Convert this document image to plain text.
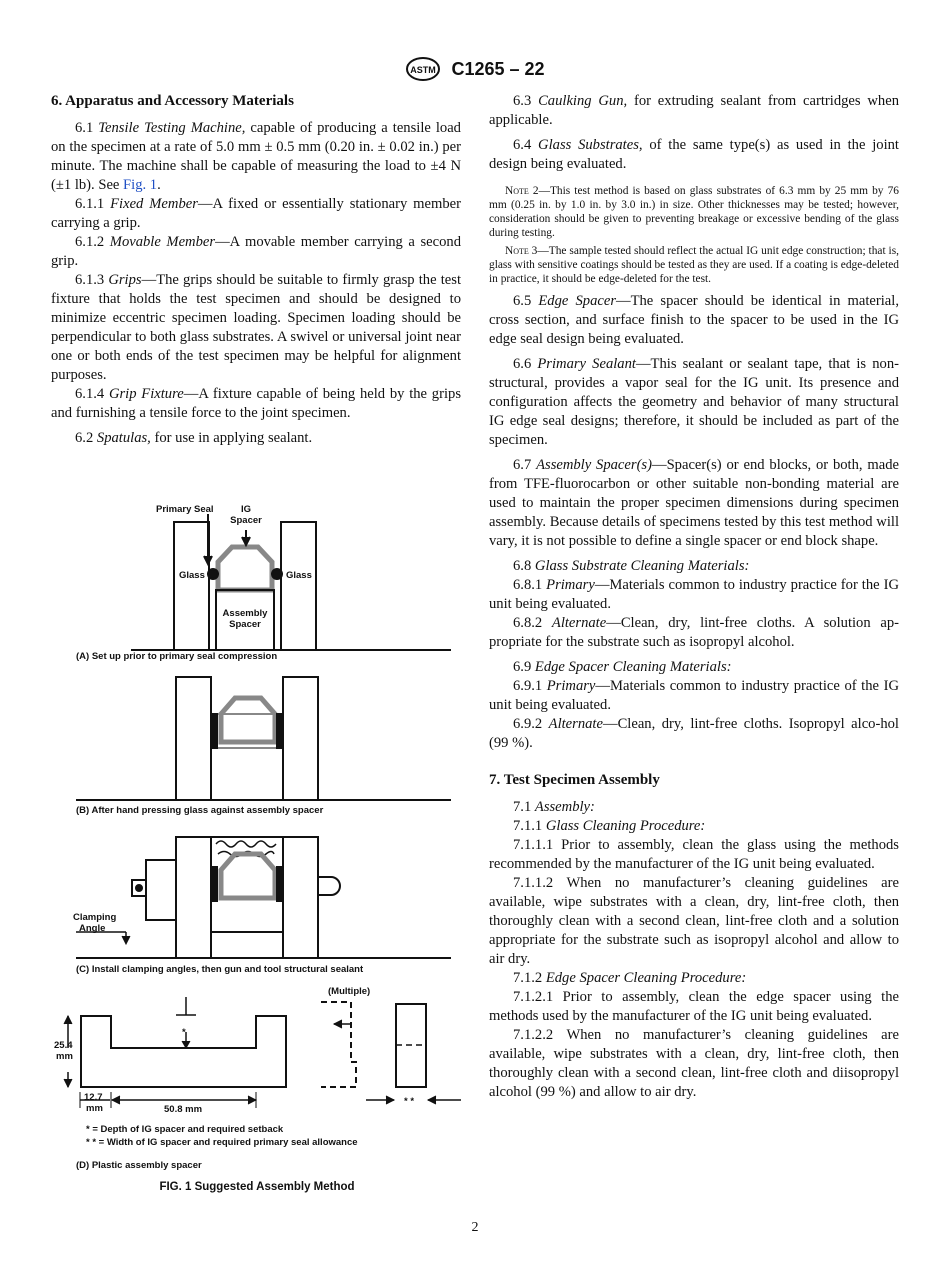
ASTM C1265 – 22
6. Apparatus and Accessory Materials

6.1 Tensile Testing Machine, capable of producing a tensile load on the specimen at a rate of 5.0 mm ± 0.5 mm (0.20 in. ± 0.02 in.) per minute. The machine shall be capable of measuring the load to ±4 N (±1 lb). See Fig. 1.

6.1.1 Fixed Member—A fixed or essentially stationary member carrying a grip.

6.1.2 Movable Member—A movable member carrying a second grip.

6.1.3 Grips—The grips should be suitable to firmly grasp the test fixture that holds the test specimen and should be designed to minimize eccentric specimen loading. Specimen loading should be perpendicular to both glass substrates. A swivel or universal joint near one or both ends of the test specimen may be helpful for alignment purposes.

6.1.4 Grip Fixture—A fixture capable of being held by the grips and furnishing a tensile force to the joint specimen.

6.2 Spatulas, for use in applying sealant.

Primary Seal	IG
Spacer
Glass	Glass
Assembly
Spacer
(A) Set up prior to primary seal compression
(B) After hand pressing glass against assembly spacer
Clamping
Angle
(C) Install clamping angles, then gun and tool structural sealant
(Multiple)
25.4
mm
12.7
mm	50.8 mm
*
* *
* = Depth of IG spacer and required setback
* * = Width of IG spacer and required primary seal allowance
(D) Plastic assembly spacer
FIG. 1 Suggested Assembly Method

6.3 Caulking Gun, for extruding sealant from cartridges when applicable.

6.4 Glass Substrates, of the same type(s) as used in the joint design being evaluated.

Note 2—This test method is based on glass substrates of 6.3 mm by 25 mm by 76 mm (0.25 in. by 1.0 in. by 3.0 in.) in size. Other thicknesses may be tested; however, consideration should be given to preventing breakage or excessive bending of the glass during testing.

Note 3—The sample tested should reflect the actual IG unit edge construction; that is, glass with sensitive coatings should be tested as they are used. If a coating is edge-deleted in practice, it should be edge-deleted for the test.

6.5 Edge Spacer—The spacer should be identical in material, cross section, and surface finish to the spacer to be used in the IG edge seal design being evaluated.

6.6 Primary Sealant—This sealant or sealant tape, that is non-structural, provides a vapor seal for the IG unit. Its presence and configuration affects the geometry and behavior of many structural IG edge seal designs; therefore, it should be included as part of the specimen.

6.7 Assembly Spacer(s)—Spacer(s) or end blocks, or both, made from TFE-fluorocarbon or other suitable non-bonding material are used to maintain the proper specimen dimensions during specimen assembly. Because details of specimens tested by this test method will vary, it is not possible to define a single spacer or end block shape.

6.8 Glass Substrate Cleaning Materials:

6.8.1 Primary—Materials common to industry practice for the IG unit being evaluated.

6.8.2 Alternate—Clean, dry, lint-free cloths. A solution ap-propriate for the substrate such as isopropyl alcohol.

6.9 Edge Spacer Cleaning Materials:

6.9.1 Primary—Materials common to industry practice of the IG unit being evaluated.

6.9.2 Alternate—Clean, dry, lint-free cloths. Isopropyl alco-hol (99 %).

7. Test Specimen Assembly

7.1 Assembly:

7.1.1 Glass Cleaning Procedure:

7.1.1.1 Prior to assembly, clean the glass using the methods recommended by the manufacturer of the IG unit being evaluated.

7.1.1.2 When no manufacturer’s cleaning guidelines are available, wipe substrates with a clean, dry, lint-free cloth, then thoroughly clean with a second clean, lint-free cloth and a solution appropriate for the substrate such as isopropyl alcohol and allow to air dry.

7.1.2 Edge Spacer Cleaning Procedure:

7.1.2.1 Prior to assembly, clean the edge spacer using the methods used by the manufacturer of the IG unit being evaluated.

7.1.2.2 When no manufacturer’s cleaning guidelines are available, wipe substrates with a clean, dry, lint-free cloth, then thoroughly clean with a second clean, lint-free cloth and diisopropyl alcohol (99 %) and allow to air dry.

2
